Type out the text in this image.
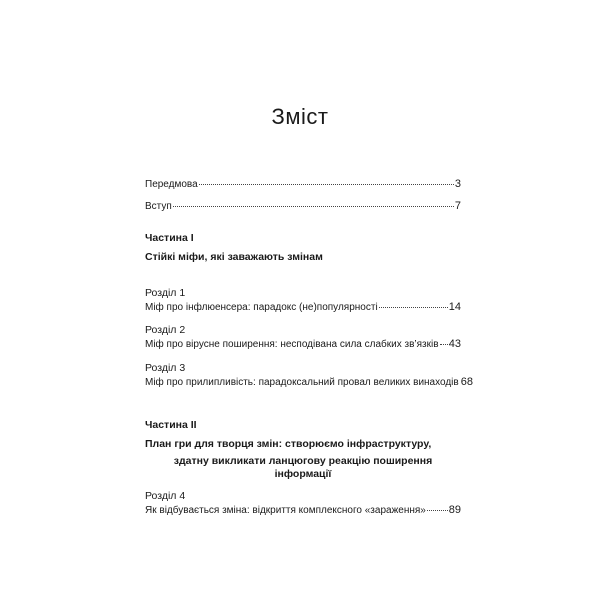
Зміст
Передмова	3
Вступ	7
Частина I
Стійкі міфи, які заважають змінам
Розділ 1
Міф про інфлюенсера: парадокс (не)популярності	14
Розділ 2
Міф про вірусне поширення: несподівана сила слабких зв’язків 43
Розділ 3
Міф про прилипливість: парадоксальний провал великих винаходів 68
Частина II
План гри для творця змін: створюємо інфраструктуру,
здатну викликати ланцюгову реакцію поширення інформації
Розділ 4
Як відбувається зміна: відкриття комплексного «зараження» 89
